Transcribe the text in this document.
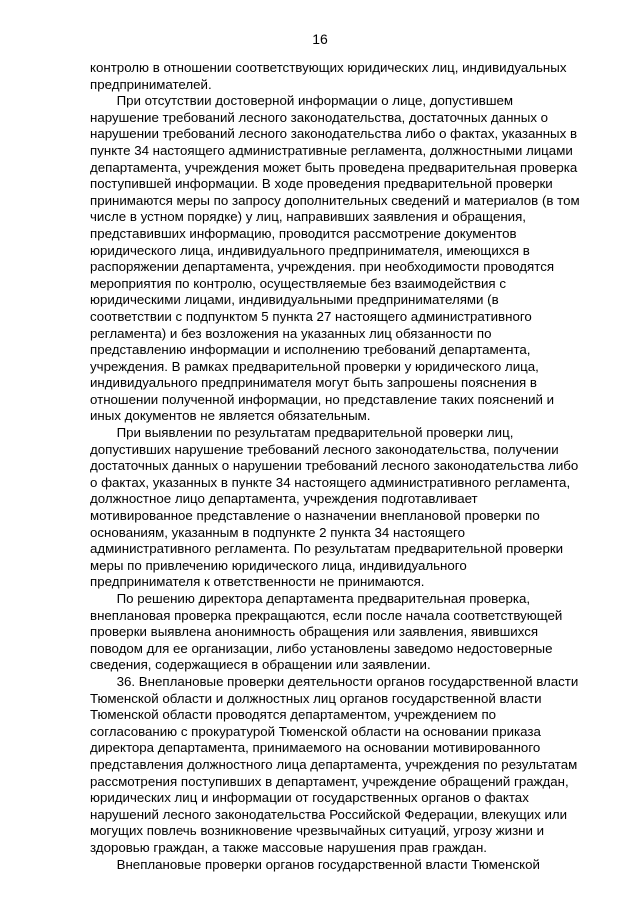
16

контролю в отношении соответствующих юридических лиц, индивидуальных
предпринимателей.

  При отсутствии достоверной информации о лице, допустившем
нарушение требований лесного законодательства, достаточных данных о
нарушении требований лесного законодательства либо о фактах, указанных в
пункте 34 настоящего административные регламента, должностными лицами
департамента, учреждения может быть проведена предварительная проверка
поступившей информации. В ходе проведения предварительной проверки
принимаются меры по запросу дополнительных сведений и материалов (в том
числе в устном порядке) у лиц, направивших заявления и обращения,
представивших информацию, проводится рассмотрение документов
юридического лица, индивидуального предпринимателя, имеющихся в
распоряжении департамента, учреждения. при необходимости проводятся
мероприятия по контролю, осуществляемые без взаимодействия с
юридическими лицами, индивидуальными предпринимателями (в
соответствии с подпунктом 5 пункта 27 настоящего административного
регламента) и без возложения на указанных лиц обязанности по
представлению информации и исполнению требований департамента,
учреждения. В рамках предварительной проверки у юридического лица,
индивидуального предпринимателя могут быть запрошены пояснения в
отношении полученной информации, но представление таких пояснений и
иных документов не является обязательным.

  При выявлении по результатам предварительной проверки лиц,
допустивших нарушение требований лесного законодательства, получении
достаточных данных о нарушении требований лесного законодательства либо
о фактах, указанных в пункте 34 настоящего административного регламента,
должностное лицо департамента, учреждения подготавливает
мотивированное представление о назначении внеплановой проверки по
основаниям, указанным в подпункте 2 пункта 34 настоящего
административного регламента. По результатам предварительной проверки
меры по привлечению юридического лица, индивидуального
предпринимателя к ответственности не принимаются.

  По решению директора департамента предварительная проверка,
внеплановая проверка прекращаются, если после начала соответствующей
проверки выявлена анонимность обращения или заявления, явившихся
поводом для ее организации, либо установлены заведомо недостоверные
сведения, содержащиеся в обращении или заявлении.

  36. Внеплановые проверки деятельности органов государственной власти
Тюменской области и должностных лиц органов государственной власти
Тюменской области проводятся департаментом, учреждением по
согласованию с прокуратурой Тюменской области на основании приказа
директора департамента, принимаемого на основании мотивированного
представления должностного лица департамента, учреждения по результатам
рассмотрения поступивших в департамент, учреждение обращений граждан,
юридических лиц и информации от государственных органов о фактах
нарушений лесного законодательства Российской Федерации, влекущих или
могущих повлечь возникновение чрезвычайных ситуаций, угрозу жизни и
здоровью граждан, а также массовые нарушения прав граждан.

  Внеплановые проверки органов государственной власти Тюменской
